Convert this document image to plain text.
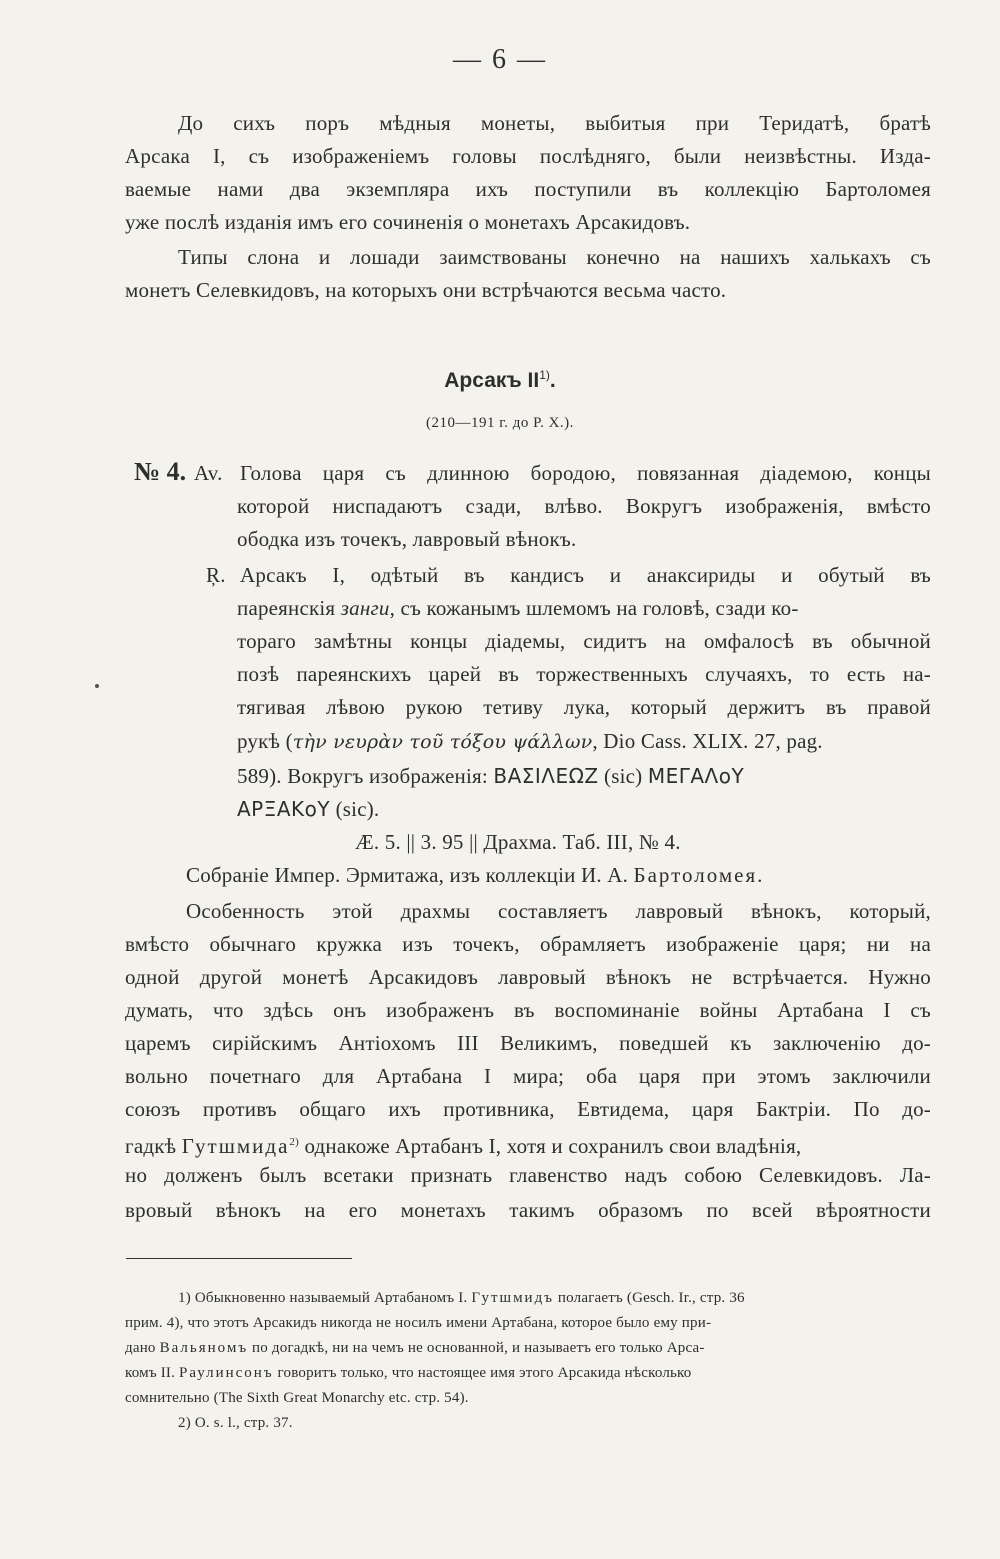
— 6 —
До сихъ поръ мѣдныя монеты, выбитыя при Теридатѣ, братѣ
Арсака I, съ изображеніемъ головы послѣдняго, были неизвѣстны. Изда-
ваемые нами два экземпляра ихъ поступили въ коллекцію Бартоломея
уже послѣ изданія имъ его сочиненія о монетахъ Арсакидовъ.
Типы слона и лошади заимствованы конечно на нашихъ халькахъ съ
монетъ Селевкидовъ, на которыхъ они встрѣчаются весьма часто.
Арсакъ II$^{1)}$.
(210—191 г. до Р. Х.).
№ 4. Av. Голова царя съ длинною бородою, повязанная діадемою, концы
которой ниспадаютъ сзади, влѣво. Вокругъ изображенія, вмѣсто
ободка изъ точекъ, лавровый вѣнокъ.
Ŗ. Арсакъ I, одѣтый въ кандисъ и анаксириды и обутый въ
пареянскія занги, съ кожанымъ шлемомъ на головѣ, сзади ко-
тораго замѣтны концы діадемы, сидитъ на омфалосѣ въ обычной
позѣ пареянскихъ царей въ торжественныхъ случаяхъ, то есть на-
тягивая лѣвою рукою тетиву лука, который держитъ въ правой
рукѣ (τὴν νευρὰν τοῦ τόξου ψάλλων, Dio Cass. XLIX. 27, pag.
589). Вокругъ изображенія: ΒΑΣΙΛΕΩΖ (sic) ΜΕΓΑΛοΥ
ΑΡΞΑΚοΥ (sic).
Æ. 5. || 3. 95 || Драхма. Таб. III, № 4.
Собраніе Импер. Эрмитажа, изъ коллекціи И. А. Бартоломея.
Особенность этой драхмы составляетъ лавровый вѣнокъ, который,
вмѣсто обычнаго кружка изъ точекъ, обрамляетъ изображеніе царя; ни на
одной другой монетѣ Арсакидовъ лавровый вѣнокъ не встрѣчается. Нужно
думать, что здѣсь онъ изображенъ въ воспоминаніе войны Артабана I съ
царемъ сирійскимъ Антіохомъ III Великимъ, поведшей къ заключенію до-
вольно почетнаго для Артабана I мира; оба царя при этомъ заключили
союзъ противъ общаго ихъ противника, Евтидема, царя Бактріи. По до-
гадкѣ Гутшмида$^{2)}$ однакоже Артабанъ I, хотя и сохранилъ свои владѣнія,
но долженъ былъ всетаки признать главенство надъ собою Селевкидовъ. Ла-
вровый вѣнокъ на его монетахъ такимъ образомъ по всей вѣроятности
1) Обыкновенно называемый Артабаномъ I. Гутшмидъ полагаетъ (Gesch. Ir., стр. 36
прим. 4), что этотъ Арсакидъ никогда не носилъ имени Артабана, которое было ему при-
дано Вальяномъ по догадкѣ, ни на чемъ не основанной, и называетъ его только Арса-
комъ II. Раулинсонъ говоритъ только, что настоящее имя этого Арсакида нѣсколько
сомнительно (The Sixth Great Monarchy etc. стр. 54).
2) O. s. l., стр. 37.
